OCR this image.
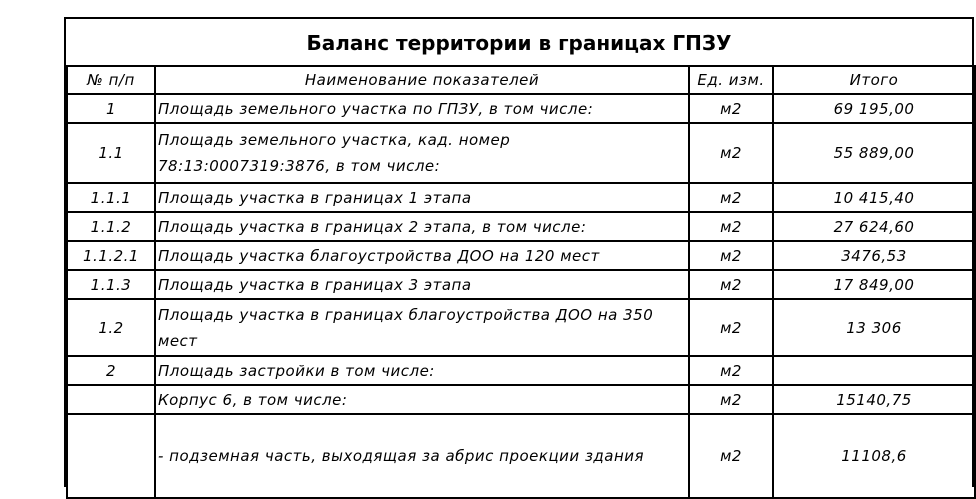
Баланс территории в границах ГПЗУ
№ п/п	Наименование показателей	Ед. изм.	Итого
1	Площадь земельного участка по ГПЗУ, в том числе:	м2	69 195,00
1.1	Площадь земельного участка, кад. номер 78:13:0007319:3876, в том числе:	м2	55 889,00
1.1.1	Площадь участка в границах 1 этапа	м2	10 415,40
1.1.2	Площадь участка в границах 2 этапа, в том числе:	м2	27 624,60
1.1.2.1	Площадь участка благоустройства ДОО на 120 мест	м2	3476,53
1.1.3	Площадь участка в границах 3 этапа	м2	17 849,00
1.2	Площадь участка в границах благоустройства ДОО на 350 мест	м2	13 306
2	Площадь застройки в том числе:	м2	
	Корпус 6, в том числе:	м2	15140,75
	- подземная часть, выходящая за абрис проекции здания	м2	11108,6
